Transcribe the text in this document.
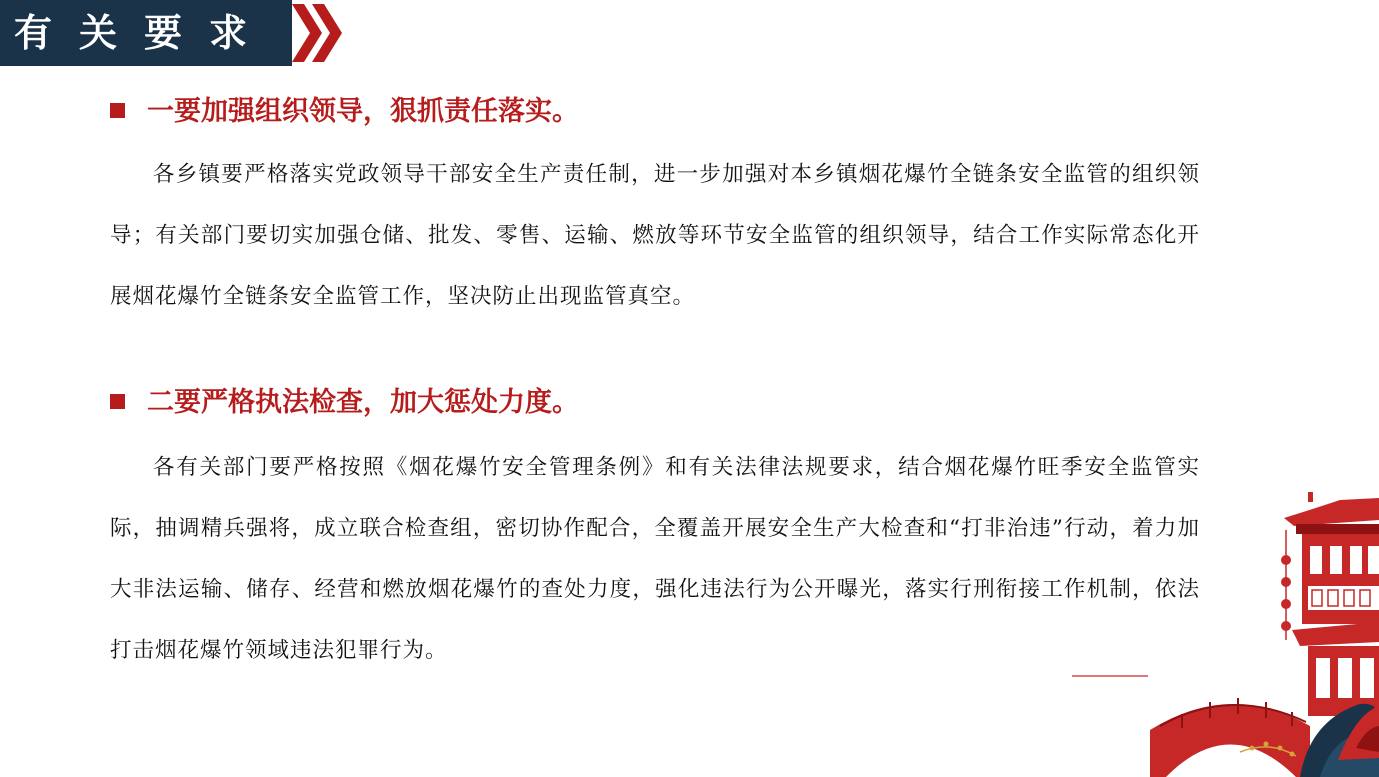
有关要求
一要加强组织领导，狠抓责任落实。

各乡镇要严格落实党政领导干部安全生产责任制，进一步加强对本乡镇烟花爆竹全链条安全监管的组织领导；有关部门要切实加强仓储、批发、零售、运输、燃放等环节安全监管的组织领导，结合工作实际常态化开展烟花爆竹全链条安全监管工作，坚决防止出现监管真空。

二要严格执法检查，加大惩处力度。

各有关部门要严格按照《烟花爆竹安全管理条例》和有关法律法规要求，结合烟花爆竹旺季安全监管实际，抽调精兵强将，成立联合检查组，密切协作配合，全覆盖开展安全生产大检查和“打非治违”行动，着力加大非法运输、储存、经营和燃放烟花爆竹的查处力度，强化违法行为公开曝光，落实行刑衔接工作机制，依法打击烟花爆竹领域违法犯罪行为。
